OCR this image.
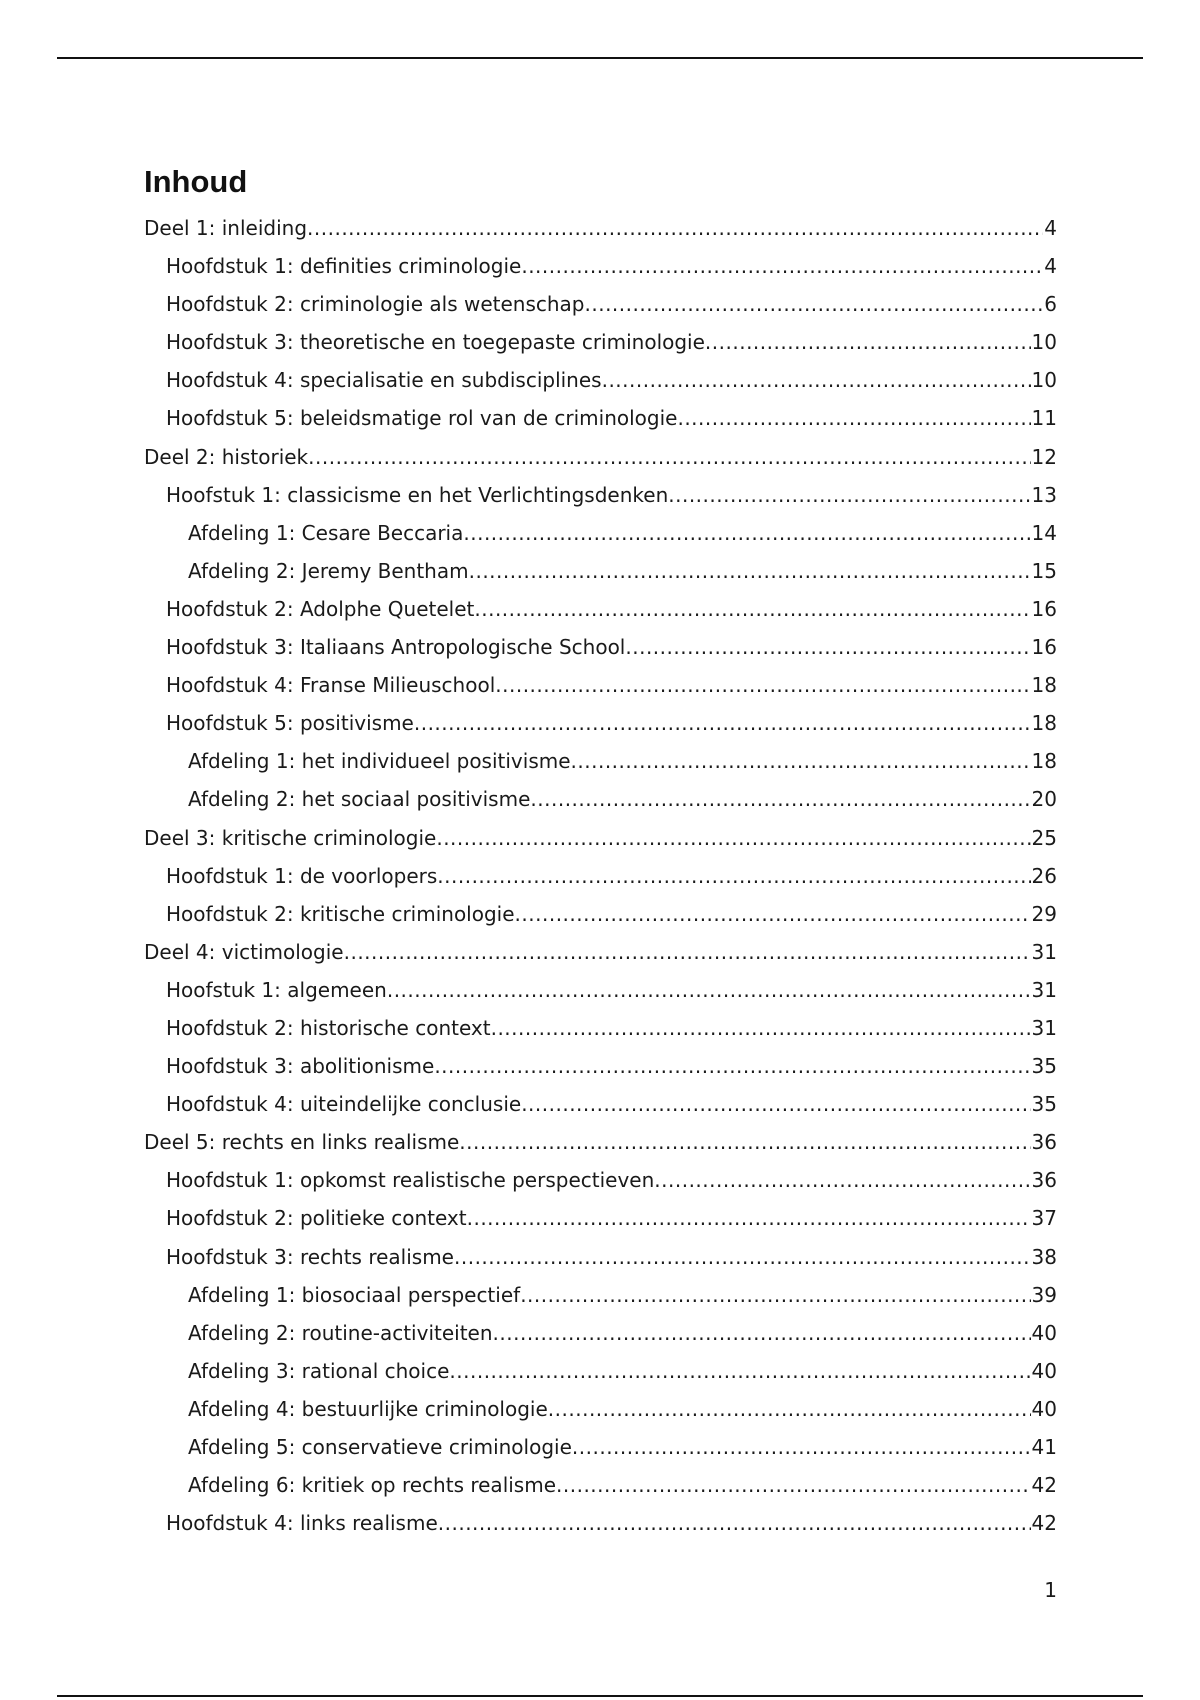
Inhoud
Deel 1: inleiding .....	4
Hoofdstuk 1: definities criminologie .....	4
Hoofdstuk 2: criminologie als wetenschap .....	6
Hoofdstuk 3: theoretische en toegepaste criminologie .....	10
Hoofdstuk 4: specialisatie en subdisciplines .....	10
Hoofdstuk 5: beleidsmatige rol van de criminologie .....	11
Deel 2: historiek .....	12
Hoofstuk 1: classicisme en het Verlichtingsdenken .....	13
Afdeling 1: Cesare Beccaria .....	14
Afdeling 2: Jeremy Bentham .....	15
Hoofdstuk 2: Adolphe Quetelet .....	16
Hoofdstuk 3: Italiaans Antropologische School .....	16
Hoofdstuk 4: Franse Milieuschool .....	18
Hoofdstuk 5: positivisme .....	18
Afdeling 1: het individueel positivisme .....	18
Afdeling 2: het sociaal positivisme .....	20
Deel 3: kritische criminologie .....	25
Hoofdstuk 1: de voorlopers .....	26
Hoofdstuk 2: kritische criminologie .....	29
Deel 4: victimologie .....	31
Hoofstuk 1: algemeen .....	31
Hoofdstuk 2: historische context .....	31
Hoofdstuk 3: abolitionisme .....	35
Hoofdstuk 4: uiteindelijke conclusie .....	35
Deel 5: rechts en links realisme .....	36
Hoofdstuk 1: opkomst realistische perspectieven .....	36
Hoofdstuk 2: politieke context .....	37
Hoofdstuk 3: rechts realisme .....	38
Afdeling 1: biosociaal perspectief .....	39
Afdeling 2: routine-activiteiten .....	40
Afdeling 3: rational choice .....	40
Afdeling 4: bestuurlijke criminologie .....	40
Afdeling 5: conservatieve criminologie .....	41
Afdeling 6: kritiek op rechts realisme .....	42
Hoofdstuk 4: links realisme .....	42
1
